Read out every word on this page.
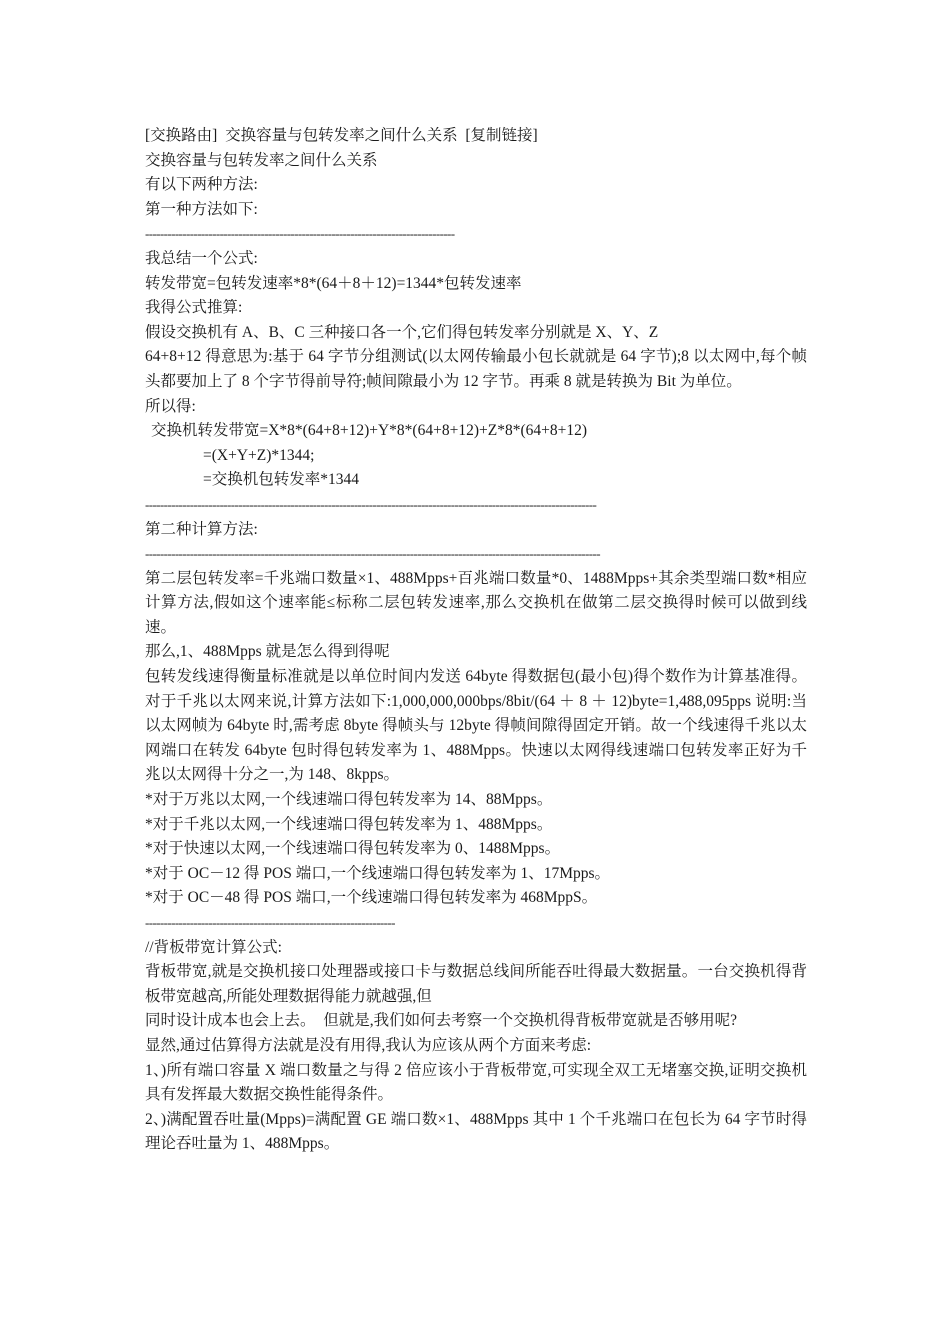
[交换路由]  交换容量与包转发率之间什么关系 [复制链接]
交换容量与包转发率之间什么关系
有以下两种方法:
第一种方法如下:
-----------------------------------------------------------------------------------
我总结一个公式:
转发带宽=包转发速率*8*(64＋8＋12)=1344*包转发速率
我得公式推算:
假设交换机有 A、B、C 三种接口各一个,它们得包转发率分别就是 X、Y、Z
64+8+12 得意思为:基于 64 字节分组测试(以太网传输最小包长就就是 64 字节);8 以太网中,每个帧头都要加上了 8 个字节得前导符;帧间隙最小为 12 字节。再乘 8 就是转换为 Bit 为单位。
所以得:
交换机转发带宽=X*8*(64+8+12)+Y*8*(64+8+12)+Z*8*(64+8+12)
=(X+Y+Z)*1344;
=交换机包转发率*1344
-------------------------------------------------------------------------------------------------------------------------
第二种计算方法:
--------------------------------------------------------------------------------------------------------------------------
第二层包转发率=千兆端口数量×1、488Mpps+百兆端口数量*0、1488Mpps+其余类型端口数*相应计算方法,假如这个速率能≤标称二层包转发速率,那么交换机在做第二层交换得时候可以做到线速。
那么,1、488Mpps 就是怎么得到得呢
包转发线速得衡量标准就是以单位时间内发送 64byte 得数据包(最小包)得个数作为计算基准得。对于千兆以太网来说,计算方法如下:1,000,000,000bps/8bit/(64 ＋ 8 ＋ 12)byte=1,488,095pps 说明:当以太网帧为 64byte 时,需考虑 8byte 得帧头与 12byte 得帧间隙得固定开销。故一个线速得千兆以太网端口在转发 64byte 包时得包转发率为 1、488Mpps。快速以太网得线速端口包转发率正好为千兆以太网得十分之一,为 148、8kpps。
*对于万兆以太网,一个线速端口得包转发率为 14、88Mpps。
*对于千兆以太网,一个线速端口得包转发率为 1、488Mpps。
*对于快速以太网,一个线速端口得包转发率为 0、1488Mpps。
*对于 OC－12 得 POS 端口,一个线速端口得包转发率为 1、17Mpps。
*对于 OC－48 得 POS 端口,一个线速端口得包转发率为 468MppS。
-------------------------------------------------------------------
//背板带宽计算公式:
背板带宽,就是交换机接口处理器或接口卡与数据总线间所能吞吐得最大数据量。一台交换机得背板带宽越高,所能处理数据得能力就越强,但
同时设计成本也会上去。  但就是,我们如何去考察一个交换机得背板带宽就是否够用呢?
显然,通过估算得方法就是没有用得,我认为应该从两个方面来考虑:
1、)所有端口容量 X 端口数量之与得 2 倍应该小于背板带宽,可实现全双工无堵塞交换,证明交换机具有发挥最大数据交换性能得条件。
2、)满配置吞吐量(Mpps)=满配置 GE 端口数×1、488Mpps 其中 1 个千兆端口在包长为 64 字节时得理论吞吐量为 1、488Mpps。
